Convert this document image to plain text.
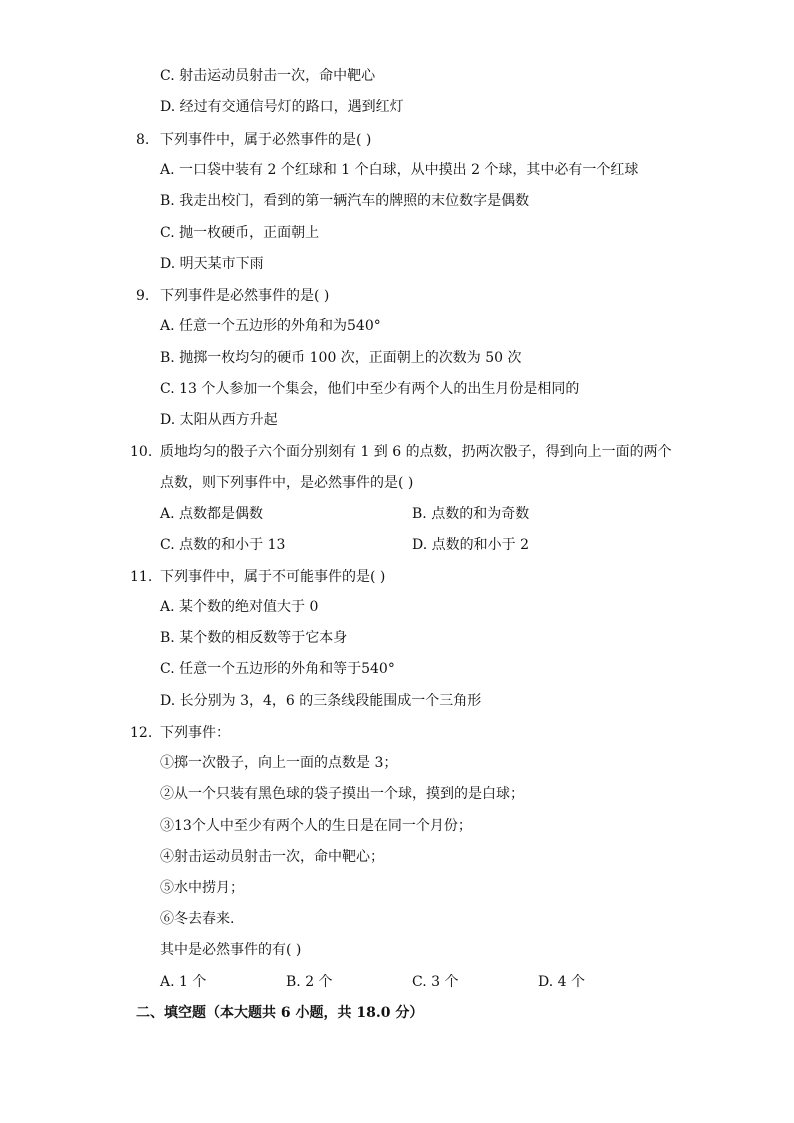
C. 射击运动员射击一次，命中靶心
D. 经过有交通信号灯的路口，遇到红灯
8. 下列事件中，属于必然事件的是( )
A. 一口袋中装有 2 个红球和 1 个白球，从中摸出 2 个球，其中必有一个红球
B. 我走出校门，看到的第一辆汽车的牌照的末位数字是偶数
C. 抛一枚硬币，正面朝上
D. 明天某市下雨
9. 下列事件是必然事件的是( )
A. 任意一个五边形的外角和为540°
B. 抛掷一枚均匀的硬币 100 次，正面朝上的次数为 50 次
C. 13 个人参加一个集会，他们中至少有两个人的出生月份是相同的
D. 太阳从西方升起
10. 质地均匀的骰子六个面分别刻有 1 到 6 的点数，扔两次骰子，得到向上一面的两个
点数，则下列事件中，是必然事件的是( )
A. 点数都是偶数	B. 点数的和为奇数
C. 点数的和小于 13	D. 点数的和小于 2
11. 下列事件中，属于不可能事件的是( )
A. 某个数的绝对值大于 0
B. 某个数的相反数等于它本身
C. 任意一个五边形的外角和等于540°
D. 长分别为 3，4，6 的三条线段能围成一个三角形
12. 下列事件：
①掷一次骰子，向上一面的点数是 3；
②从一个只装有黑色球的袋子摸出一个球，摸到的是白球；
③13个人中至少有两个人的生日是在同一个月份；
④射击运动员射击一次，命中靶心；
⑤水中捞月；
⑥冬去春来.
其中是必然事件的有( )
A. 1 个	B. 2 个	C. 3 个	D. 4 个
二、填空题（本大题共 6 小题，共 18.0 分）
